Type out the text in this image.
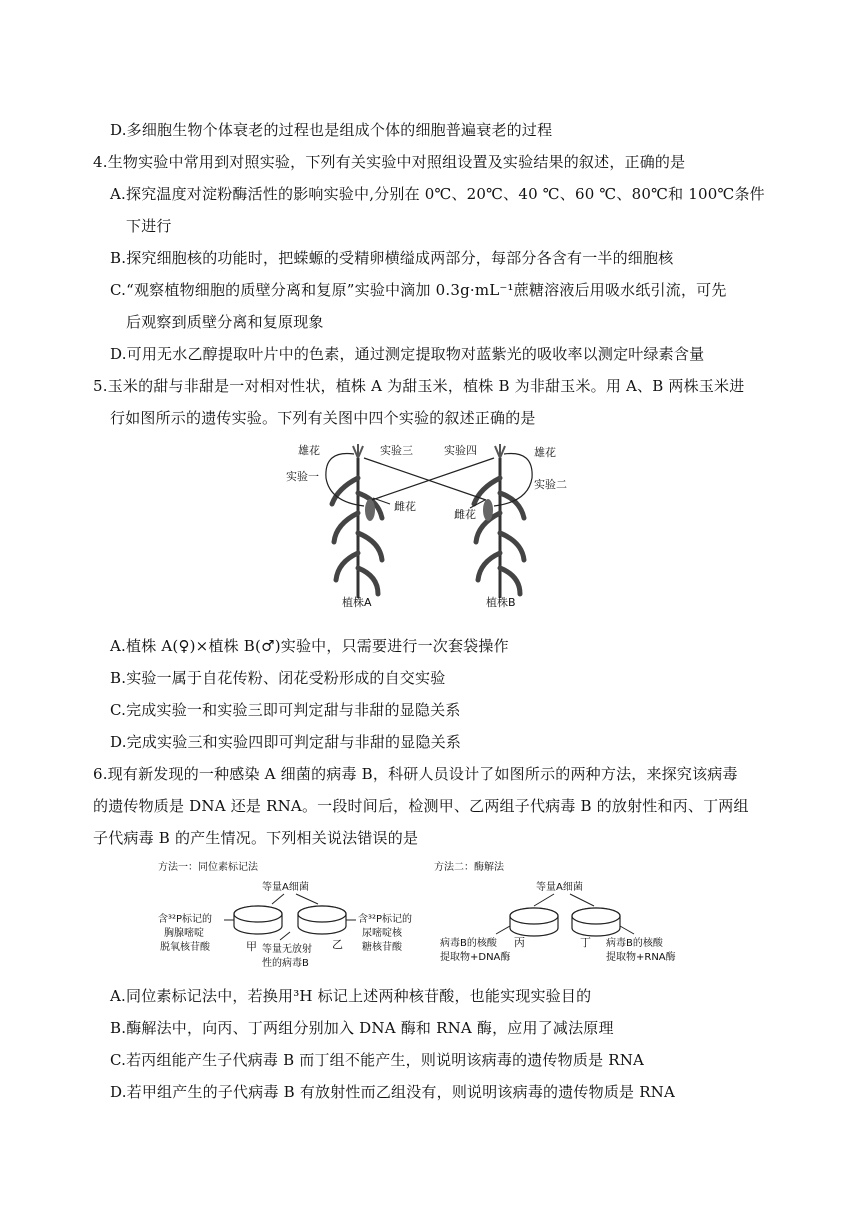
D.多细胞生物个体衰老的过程也是组成个体的细胞普遍衰老的过程
4.生物实验中常用到对照实验，下列有关实验中对照组设置及实验结果的叙述，正确的是
A.探究温度对淀粉酶活性的影响实验中,分别在 0℃、20℃、40 ℃、60 ℃、80℃和 100℃条件
下进行
B.探究细胞核的功能时，把蝾螈的受精卵横缢成两部分，每部分各含有一半的细胞核
C.“观察植物细胞的质壁分离和复原”实验中滴加 0.3g·mL⁻¹蔗糖溶液后用吸水纸引流，可先
后观察到质壁分离和复原现象
D.可用无水乙醇提取叶片中的色素，通过测定提取物对蓝紫光的吸收率以测定叶绿素含量
5.玉米的甜与非甜是一对相对性状，植株 A 为甜玉米，植株 B 为非甜玉米。用 A、B 两株玉米进
行如图所示的遗传实验。下列有关图中四个实验的叙述正确的是
雄花	实验三	实验四	雄花
实验一
实验二
雌花
雌花
植株A	植株B
A.植株 A(♀)×植株 B(♂)实验中，只需要进行一次套袋操作
B.实验一属于自花传粉、闭花受粉形成的自交实验
C.完成实验一和实验三即可判定甜与非甜的显隐关系
D.完成实验三和实验四即可判定甜与非甜的显隐关系
6.现有新发现的一种感染 A 细菌的病毒 B，科研人员设计了如图所示的两种方法，来探究该病毒
的遗传物质是 DNA 还是 RNA。一段时间后，检测甲、乙两组子代病毒 B 的放射性和丙、丁两组
子代病毒 B 的产生情况。下列相关说法错误的是
方法一：同位素标记法
等量A细菌
含³²P标记的
胸腺嘧啶
脱氧核苷酸	甲	乙
等量无放射
性的病毒B
含³²P标记的
尿嘧啶核
糖核苷酸
方法二：酶解法
等量A细菌
病毒B的核酸
提取物+DNA酶
丙	丁 病毒B的核酸
提取物+RNA酶
A.同位素标记法中，若换用³H 标记上述两种核苷酸，也能实现实验目的
B.酶解法中，向丙、丁两组分别加入 DNA 酶和 RNA 酶，应用了减法原理
C.若丙组能产生子代病毒 B 而丁组不能产生，则说明该病毒的遗传物质是 RNA
D.若甲组产生的子代病毒 B 有放射性而乙组没有，则说明该病毒的遗传物质是 RNA
